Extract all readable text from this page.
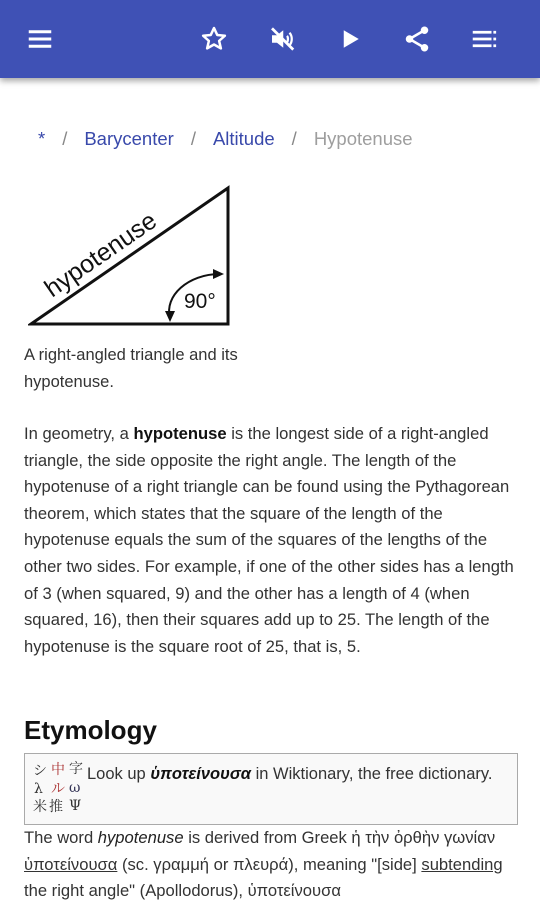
* / Barycenter / Altitude / Hypotenuse
hypotenuse 90°
A right-angled triangle and its hypotenuse.

In geometry, a hypotenuse is the longest side of a right-angled triangle, the side opposite the right angle. The length of the hypotenuse of a right triangle can be found using the Pythagorean theorem, which states that the square of the length of the hypotenuse equals the sum of the squares of the lengths of the other two sides. For example, if one of the other sides has a length of 3 (when squared, 9) and the other has a length of 4 (when squared, 16), then their squares add up to 25. The length of the hypotenuse is the square root of 25, that is, 5.

Etymology
シ 中 字
λ ル ω
米 推 Ψ
Look up ὑποτείνουσα in Wiktionary, the free dictionary.

The word hypotenuse is derived from Greek ἡ τὴν ὀρθὴν γωνίαν ὑποτείνουσα (sc. γραμμή or πλευρά), meaning "[side] subtending the right angle" (Apollodorus), ὑποτείνουσα
